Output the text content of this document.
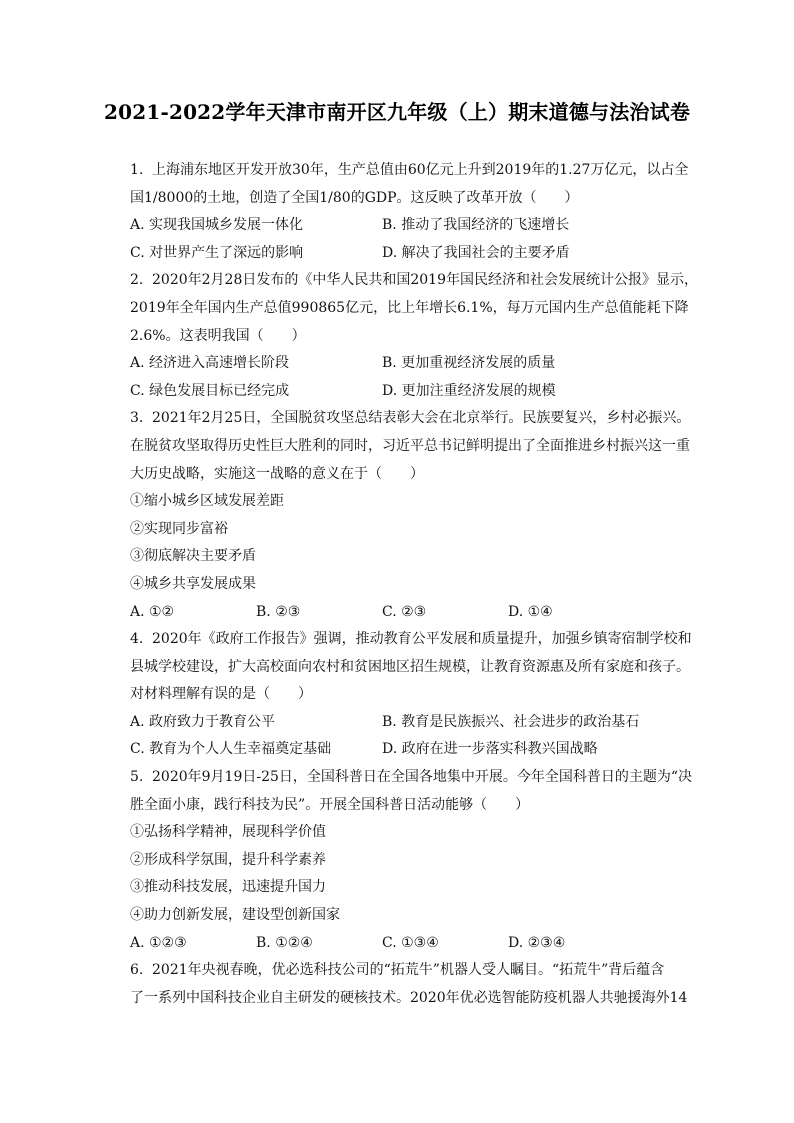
2021-2022学年天津市南开区九年级（上）期末道德与法治试卷
1. 上海浦东地区开发开放30年，生产总值由60亿元上升到2019年的1.27万亿元，以占全
国1/8000的土地，创造了全国1/80的GDP。这反映了改革开放（　　）
A. 实现我国城乡发展一体化	B. 推动了我国经济的飞速增长
C. 对世界产生了深远的影响	D. 解决了我国社会的主要矛盾
2. 2020年2月28日发布的《中华人民共和国2019年国民经济和社会发展统计公报》显示，
2019年全年国内生产总值990865亿元，比上年增长6.1%，每万元国内生产总值能耗下降
2.6%。这表明我国（　　）
A. 经济进入高速增长阶段	B. 更加重视经济发展的质量
C. 绿色发展目标已经完成	D. 更加注重经济发展的规模
3. 2021年2月25日，全国脱贫攻坚总结表彰大会在北京举行。民族要复兴，乡村必振兴。
在脱贫攻坚取得历史性巨大胜利的同时，习近平总书记鲜明提出了全面推进乡村振兴这一重
大历史战略，实施这一战略的意义在于（　　）
①缩小城乡区域发展差距
②实现同步富裕
③彻底解决主要矛盾
④城乡共享发展成果
A. ①②	B. ②③	C. ②③	D. ①④
4. 2020年《政府工作报告》强调，推动教育公平发展和质量提升，加强乡镇寄宿制学校和
县城学校建设，扩大高校面向农村和贫困地区招生规模，让教育资源惠及所有家庭和孩子。
对材料理解有误的是（　　）
A. 政府致力于教育公平	B. 教育是民族振兴、社会进步的政治基石
C. 教育为个人人生幸福奠定基础	D. 政府在进一步落实科教兴国战略
5. 2020年9月19日-25日，全国科普日在全国各地集中开展。今年全国科普日的主题为“决
胜全面小康，践行科技为民”。开展全国科普日活动能够（　　）
①弘扬科学精神，展现科学价值
②形成科学氛围，提升科学素养
③推动科技发展，迅速提升国力
④助力创新发展，建设型创新国家
A. ①②③	B. ①②④	C. ①③④	D. ②③④
6. 2021年央视春晚，优必选科技公司的“拓荒牛”机器人受人瞩目。“拓荒牛”背后蕴含
了一系列中国科技企业自主研发的硬核技术。2020年优必选智能防疫机器人共驰援海外14
